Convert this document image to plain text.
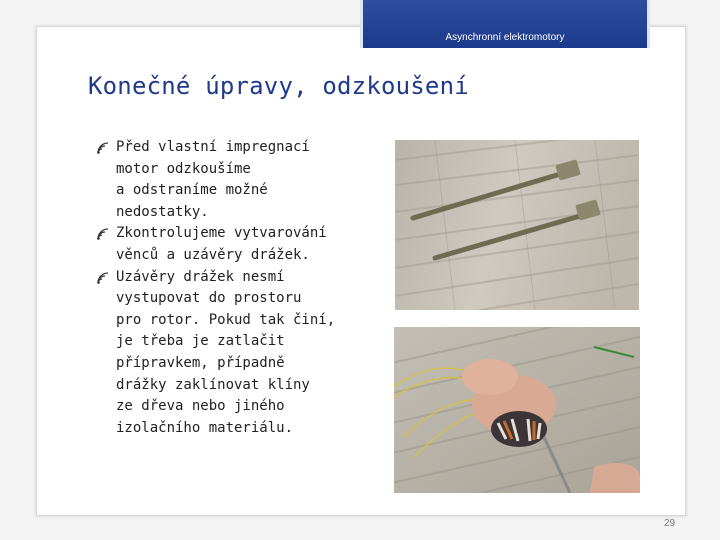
Asynchronní elektromotory
Konečné úpravy, odzkoušení
Před vlastní impregnací
motor odzkoušíme
a odstraníme možné
nedostatky.
Zkontrolujeme vytvarování
věnců a uzávěry drážek.
Uzávěry drážek nesmí
vystupovat do prostoru
pro rotor. Pokud tak činí,
je třeba je zatlačit
přípravkem, případně
drážky zaklínovat klíny
ze dřeva nebo jiného
izolačního materiálu.
29
